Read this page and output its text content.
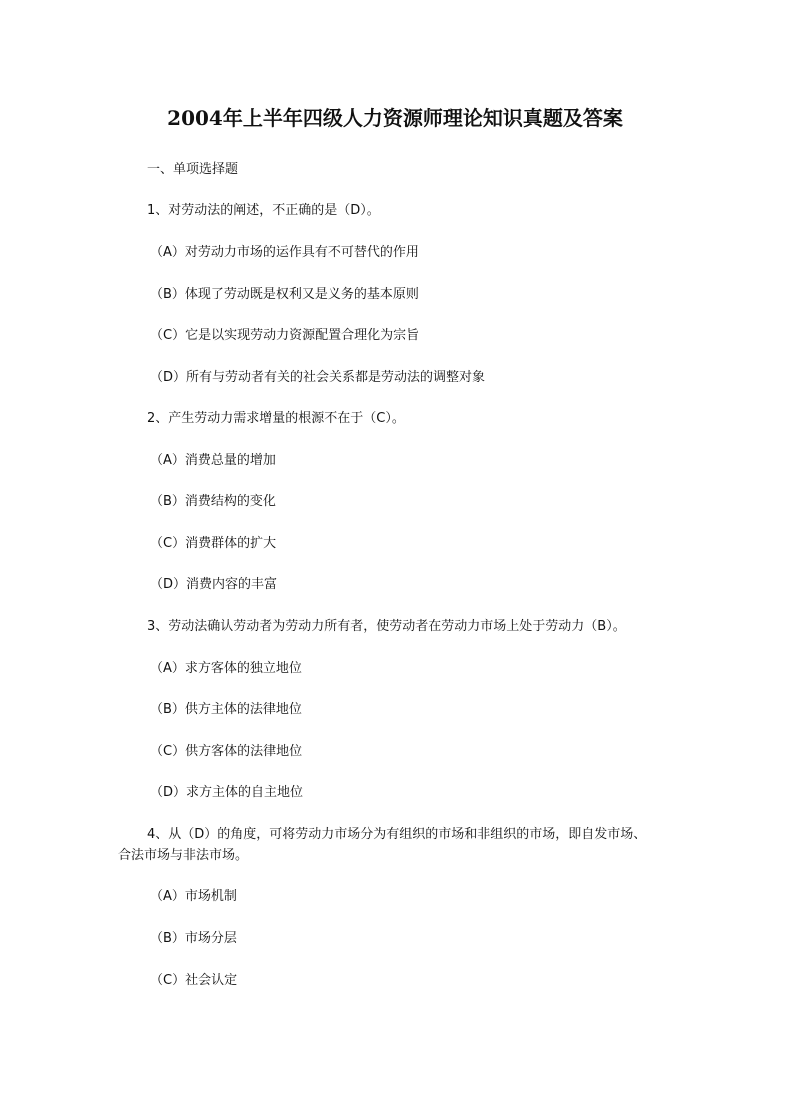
2004年上半年四级人力资源师理论知识真题及答案
一、单项选择题
1、对劳动法的阐述，不正确的是（D）。
（A）对劳动力市场的运作具有不可替代的作用
（B）体现了劳动既是权利又是义务的基本原则
（C）它是以实现劳动力资源配置合理化为宗旨
（D）所有与劳动者有关的社会关系都是劳动法的调整对象
2、产生劳动力需求增量的根源不在于（C）。
（A）消费总量的增加
（B）消费结构的变化
（C）消费群体的扩大
（D）消费内容的丰富
3、劳动法确认劳动者为劳动力所有者，使劳动者在劳动力市场上处于劳动力（B）。
（A）求方客体的独立地位
（B）供方主体的法律地位
（C）供方客体的法律地位
（D）求方主体的自主地位
4、从（D）的角度，可将劳动力市场分为有组织的市场和非组织的市场，即自发市场、
合法市场与非法市场。
（A）市场机制
（B）市场分层
（C）社会认定
